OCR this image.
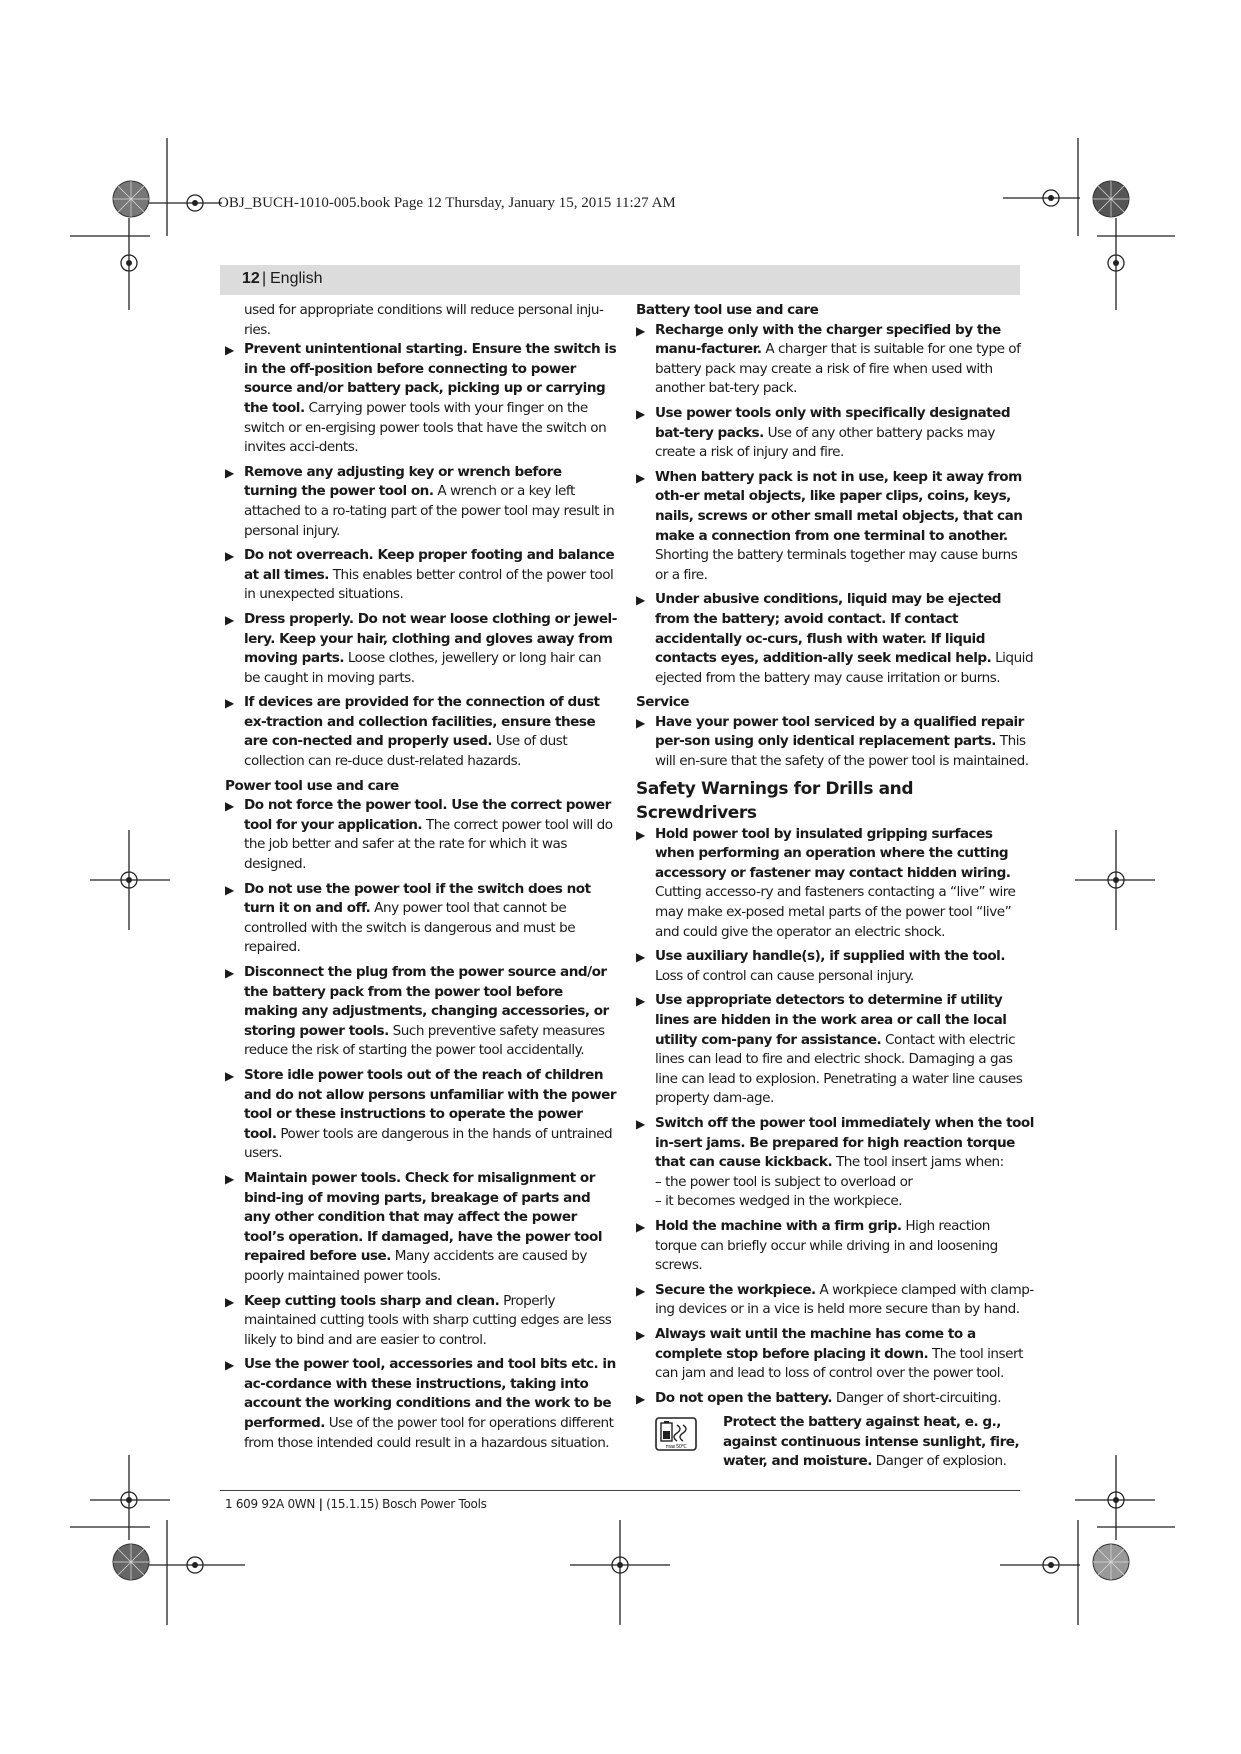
OBJ_BUCH-1010-005.book Page 12 Thursday, January 15, 2015 11:27 AM
12 | English

used for appropriate conditions will reduce personal inju-ries.

▶ Prevent unintentional starting. Ensure the switch is in the off-position before connecting to power source and/or battery pack, picking up or carrying the tool. Carrying power tools with your finger on the switch or en-ergising power tools that have the switch on invites acci-dents.
▶ Remove any adjusting key or wrench before turning the power tool on. A wrench or a key left attached to a ro-tating part of the power tool may result in personal injury.
▶ Do not overreach. Keep proper footing and balance at all times. This enables better control of the power tool in unexpected situations.
▶ Dress properly. Do not wear loose clothing or jewel-lery. Keep your hair, clothing and gloves away from moving parts. Loose clothes, jewellery or long hair can be caught in moving parts.
▶ If devices are provided for the connection of dust ex-traction and collection facilities, ensure these are con-nected and properly used. Use of dust collection can re-duce dust-related hazards.

Power tool use and care

▶ Do not force the power tool. Use the correct power tool for your application. The correct power tool will do the job better and safer at the rate for which it was designed.
▶ Do not use the power tool if the switch does not turn it on and off. Any power tool that cannot be controlled with the switch is dangerous and must be repaired.
▶ Disconnect the plug from the power source and/or the battery pack from the power tool before making any adjustments, changing accessories, or storing power tools. Such preventive safety measures reduce the risk of starting the power tool accidentally.
▶ Store idle power tools out of the reach of children and do not allow persons unfamiliar with the power tool or these instructions to operate the power tool. Power tools are dangerous in the hands of untrained users.
▶ Maintain power tools. Check for misalignment or bind-ing of moving parts, breakage of parts and any other condition that may affect the power tool’s operation. If damaged, have the power tool repaired before use. Many accidents are caused by poorly maintained power tools.
▶ Keep cutting tools sharp and clean. Properly maintained cutting tools with sharp cutting edges are less likely to bind and are easier to control.
▶ Use the power tool, accessories and tool bits etc. in ac-cordance with these instructions, taking into account the working conditions and the work to be performed. Use of the power tool for operations different from those intended could result in a hazardous situation.

Battery tool use and care

▶ Recharge only with the charger specified by the manu-facturer. A charger that is suitable for one type of battery pack may create a risk of fire when used with another bat-tery pack.
▶ Use power tools only with specifically designated bat-tery packs. Use of any other battery packs may create a risk of injury and fire.
▶ When battery pack is not in use, keep it away from oth-er metal objects, like paper clips, coins, keys, nails, screws or other small metal objects, that can make a connection from one terminal to another. Shorting the battery terminals together may cause burns or a fire.
▶ Under abusive conditions, liquid may be ejected from the battery; avoid contact. If contact accidentally oc-curs, flush with water. If liquid contacts eyes, addition-ally seek medical help. Liquid ejected from the battery may cause irritation or burns.

Service

▶ Have your power tool serviced by a qualified repair per-son using only identical replacement parts. This will en-sure that the safety of the power tool is maintained.

Safety Warnings for Drills and Screwdrivers

▶ Hold power tool by insulated gripping surfaces when performing an operation where the cutting accessory or fastener may contact hidden wiring. Cutting accesso-ry and fasteners contacting a “live” wire may make ex-posed metal parts of the power tool “live” and could give the operator an electric shock.
▶ Use auxiliary handle(s), if supplied with the tool. Loss of control can cause personal injury.
▶ Use appropriate detectors to determine if utility lines are hidden in the work area or call the local utility com-pany for assistance. Contact with electric lines can lead to fire and electric shock. Damaging a gas line can lead to explosion. Penetrating a water line causes property dam-age.
▶ Switch off the power tool immediately when the tool in-sert jams. Be prepared for high reaction torque that can cause kickback. The tool insert jams when:

– the power tool is subject to overload or

– it becomes wedged in the workpiece.

▶ Hold the machine with a firm grip. High reaction torque can briefly occur while driving in and loosening screws.
▶ Secure the workpiece. A workpiece clamped with clamp-ing devices or in a vice is held more secure than by hand.
▶ Always wait until the machine has come to a complete stop before placing it down. The tool insert can jam and lead to loss of control over the power tool.
▶ Do not open the battery. Danger of short-circuiting.
max 50°C
Protect the battery against heat, e. g., against continuous intense sunlight, fire, water, and moisture. Danger of explosion.
1 609 92A 0WN | (15.1.15) Bosch Power Tools
